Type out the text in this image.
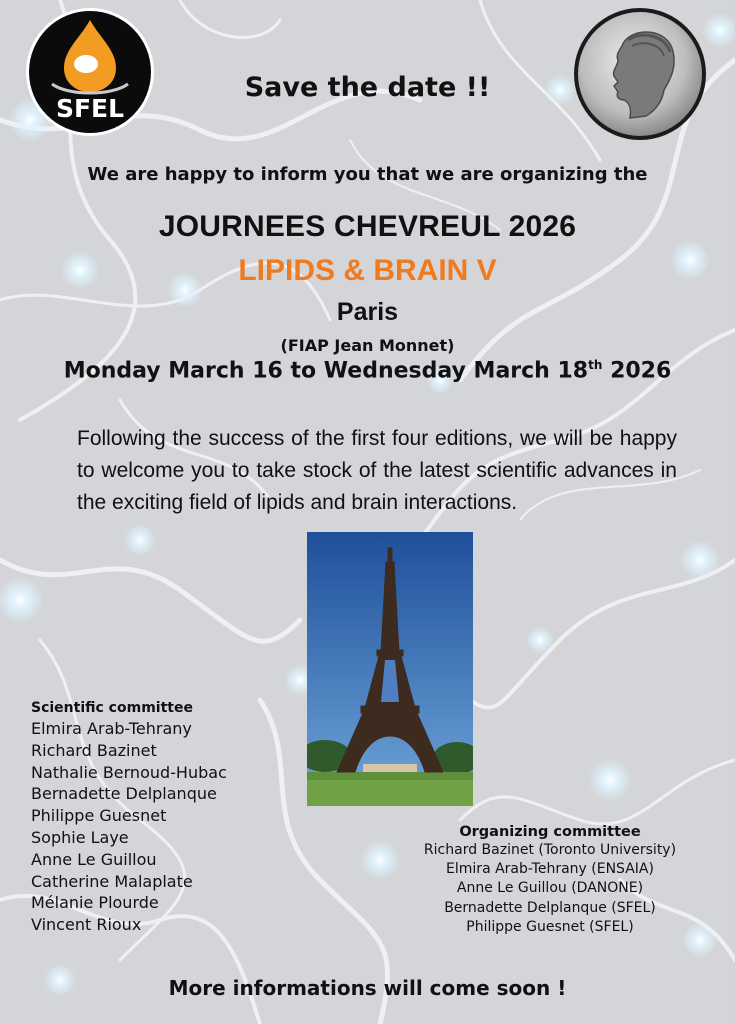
SFEL
Save the date !!
We are happy to inform you that we are organizing the
JOURNEES CHEVREUL 2026
LIPIDS & BRAIN V
Paris
(FIAP Jean Monnet)
Monday March 16 to Wednesday March 18th 2026
Following the success of the first four editions, we will be happy to welcome you to take stock of the latest scientific advances in the exciting field of lipids and brain interactions.
Scientific committee
Elmira Arab-Tehrany
Richard Bazinet
Nathalie Bernoud-Hubac
Bernadette Delplanque
Philippe Guesnet
Sophie Laye
Anne Le Guillou
Catherine Malaplate
Mélanie Plourde
Vincent Rioux
Organizing committee
Richard Bazinet (Toronto University)
Elmira Arab-Tehrany (ENSAIA)
Anne Le Guillou (DANONE)
Bernadette Delplanque (SFEL)
Philippe Guesnet (SFEL)
More informations will come soon !
